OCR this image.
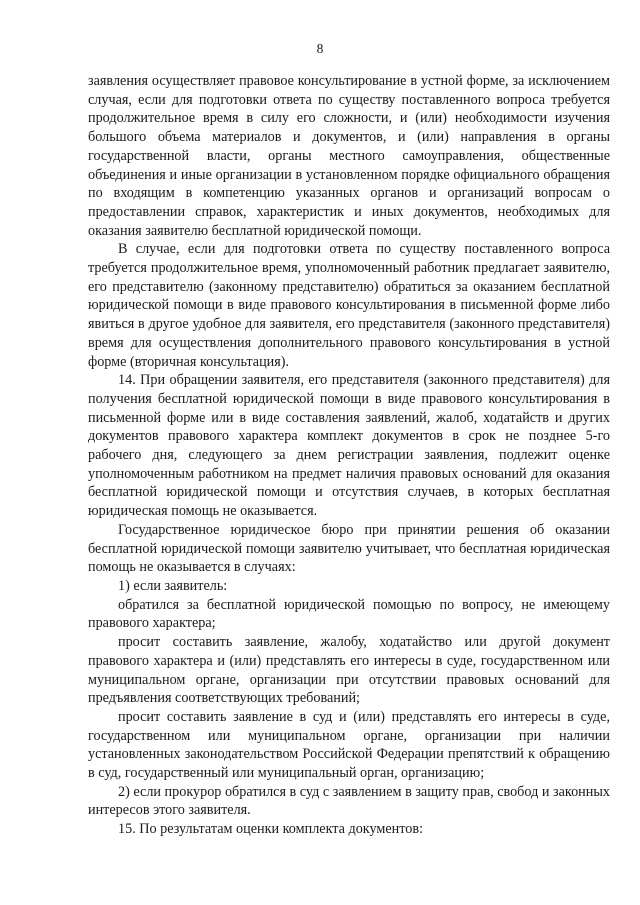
8

заявления осуществляет правовое консультирование в устной форме, за исключением случая, если для подготовки ответа по существу поставленного вопроса требуется продолжительное время в силу его сложности, и (или) необходимости изучения большого объема материалов и документов, и (или) направления в органы государственной власти, органы местного самоуправления, общественные объединения и иные организации в установленном порядке официального обращения по входящим в компетенцию указанных органов и организаций вопросам о предоставлении справок, характеристик и иных документов, необходимых для оказания заявителю бесплатной юридической помощи.

В случае, если для подготовки ответа по существу поставленного вопроса требуется продолжительное время, уполномоченный работник предлагает заявителю, его представителю (законному представителю) обратиться за оказанием бесплатной юридической помощи в виде правового консультирования в письменной форме либо явиться в другое удобное для заявителя, его представителя (законного представителя) время для осуществления дополнительного правового консультирования в устной форме (вторичная консультация).

14. При обращении заявителя, его представителя (законного представителя) для получения бесплатной юридической помощи в виде правового консультирования в письменной форме или в виде составления заявлений, жалоб, ходатайств и других документов правового характера комплект документов в срок не позднее 5-го рабочего дня, следующего за днем регистрации заявления, подлежит оценке уполномоченным работником на предмет наличия правовых оснований для оказания бесплатной юридической помощи и отсутствия случаев, в которых бесплатная юридическая помощь не оказывается.

Государственное юридическое бюро при принятии решения об оказании бесплатной юридической помощи заявителю учитывает, что бесплатная юридическая помощь не оказывается в случаях:

1) если заявитель:

обратился за бесплатной юридической помощью по вопросу, не имеющему правового характера;

просит составить заявление, жалобу, ходатайство или другой документ правового характера и (или) представлять его интересы в суде, государственном или муниципальном органе, организации при отсутствии правовых оснований для предъявления соответствующих требований;

просит составить заявление в суд и (или) представлять его интересы в суде, государственном или муниципальном органе, организации при наличии установленных законодательством Российской Федерации препятствий к обращению в суд, государственный или муниципальный орган, организацию;

2) если прокурор обратился в суд с заявлением в защиту прав, свобод и законных интересов этого заявителя.

15. По результатам оценки комплекта документов:
